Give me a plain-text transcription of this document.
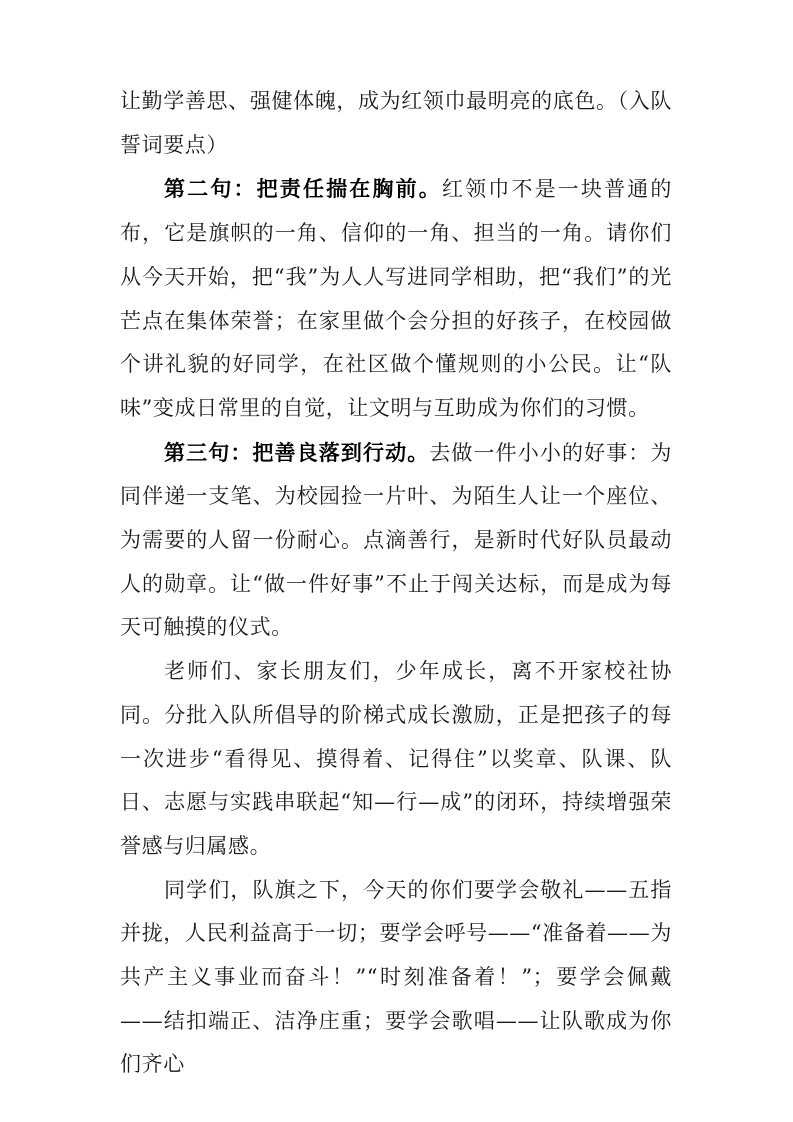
让勤学善思、强健体魄，成为红领巾最明亮的底色。（入队誓词要点）

第二句：把责任揣在胸前。红领巾不是一块普通的布，它是旗帜的一角、信仰的一角、担当的一角。请你们从今天开始，把“我”为人人写进同学相助，把“我们”的光芒点在集体荣誉；在家里做个会分担的好孩子，在校园做个讲礼貌的好同学，在社区做个懂规则的小公民。让“队味”变成日常里的自觉，让文明与互助成为你们的习惯。

第三句：把善良落到行动。去做一件小小的好事：为同伴递一支笔、为校园捡一片叶、为陌生人让一个座位、为需要的人留一份耐心。点滴善行，是新时代好队员最动人的勋章。让“做一件好事”不止于闯关达标，而是成为每天可触摸的仪式。

老师们、家长朋友们，少年成长，离不开家校社协同。分批入队所倡导的阶梯式成长激励，正是把孩子的每一次进步“看得见、摸得着、记得住”以奖章、队课、队日、志愿与实践串联起“知—行—成”的闭环，持续增强荣誉感与归属感。

同学们，队旗之下，今天的你们要学会敬礼——五指并拢，人民利益高于一切；要学会呼号——“准备着——为共产主义事业而奋斗！”“时刻准备着！”；要学会佩戴——结扣端正、洁净庄重；要学会歌唱——让队歌成为你们齐心
